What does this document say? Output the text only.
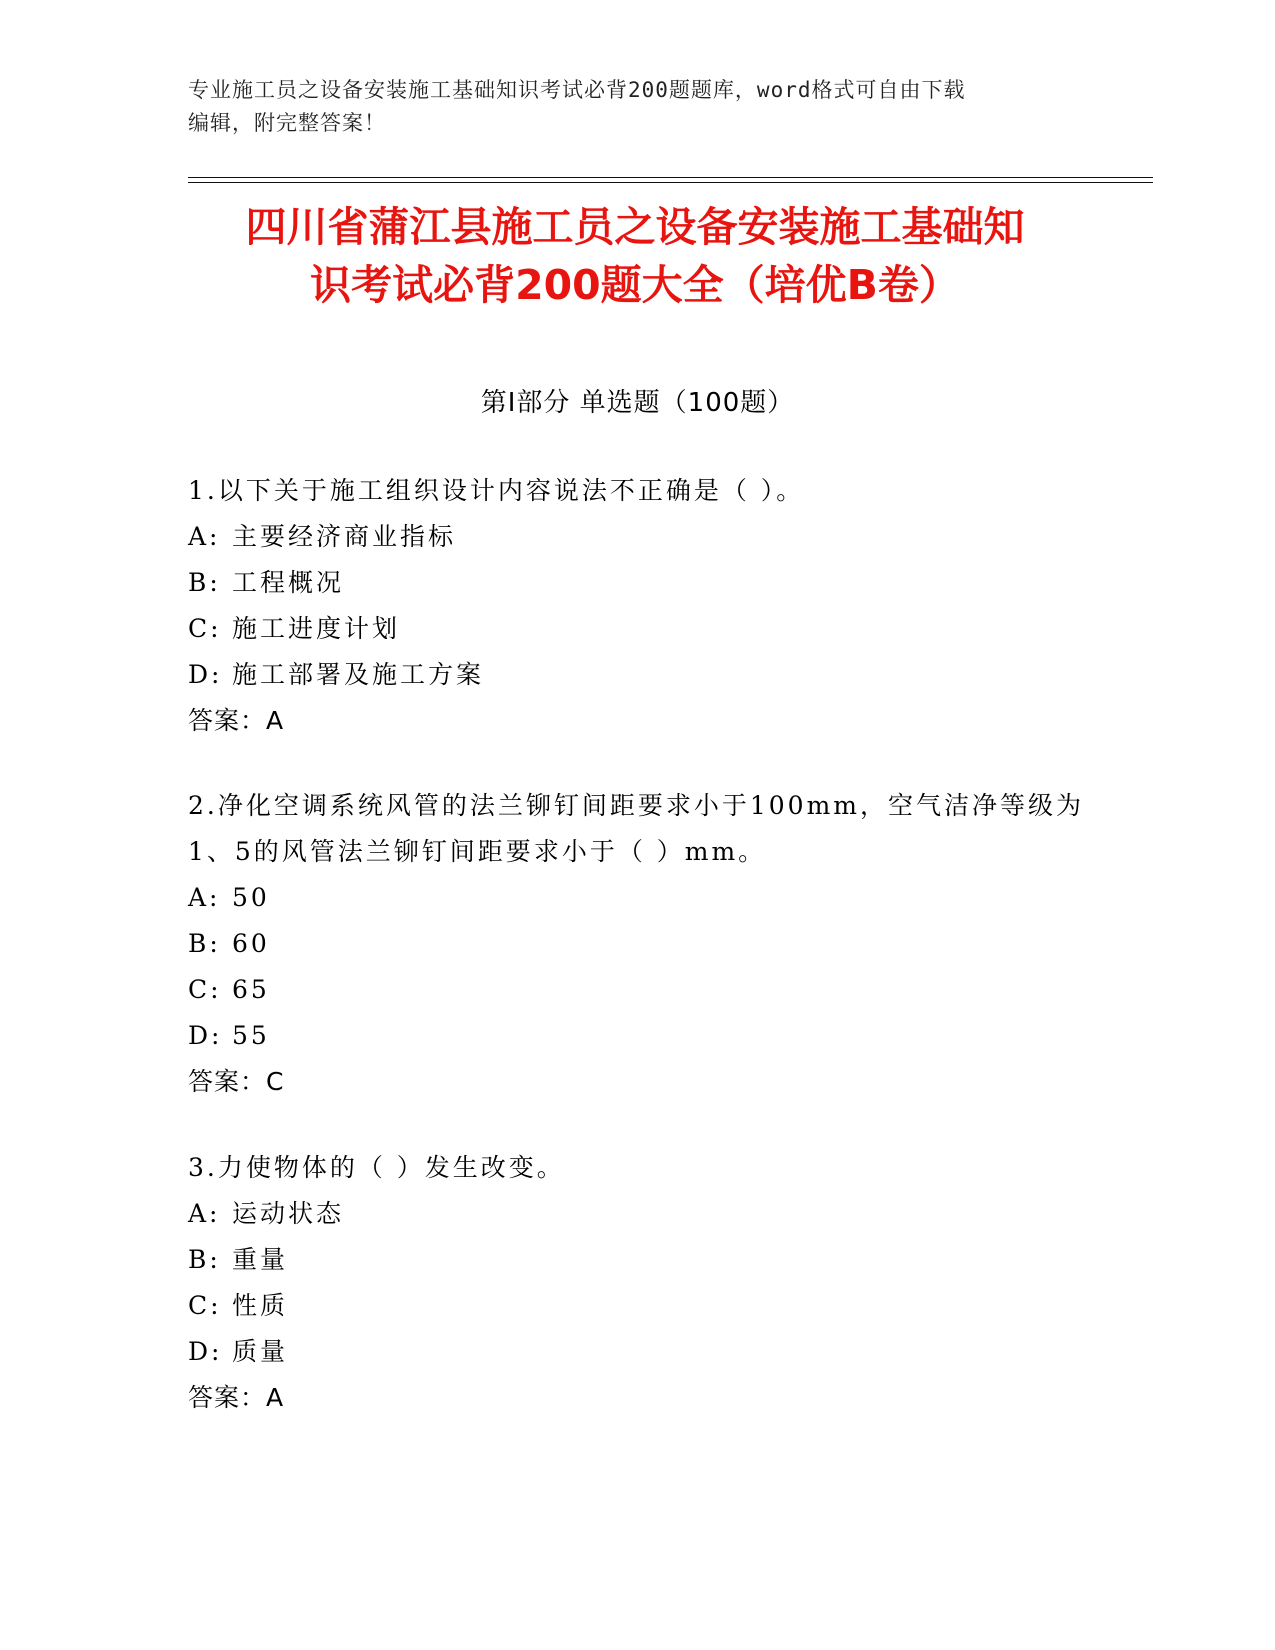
专业施工员之设备安装施工基础知识考试必背200题题库，word格式可自由下载
编辑，附完整答案！
四川省蒲江县施工员之设备安装施工基础知
识考试必背200题大全（培优B卷）
第Ⅰ部分 单选题（100题）

1.以下关于施工组织设计内容说法不正确是（ ）。

A: 主要经济商业指标

B: 工程概况

C: 施工进度计划

D: 施工部署及施工方案

答案：A

2.净化空调系统风管的法兰铆钉间距要求小于100mm，空气洁净等级为1、5的风管法兰铆钉间距要求小于（ ）mm。

A: 50

B: 60

C: 65

D: 55

答案：C

3.力使物体的（ ）发生改变。

A: 运动状态

B: 重量

C: 性质

D: 质量

答案：A
